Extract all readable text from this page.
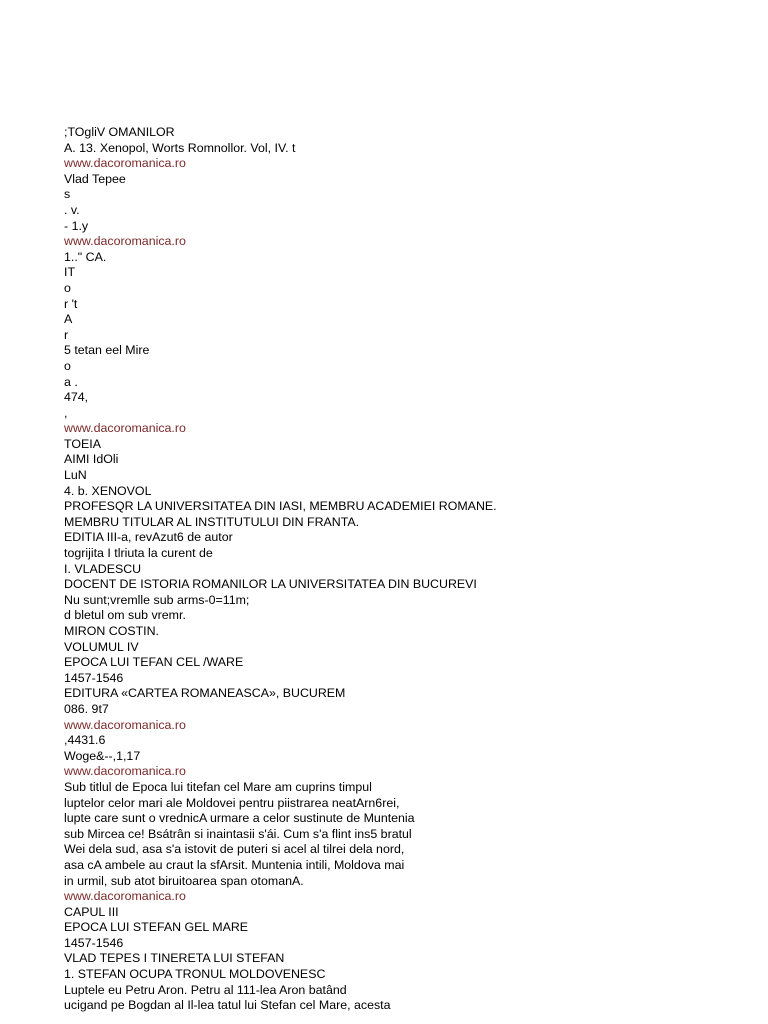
;TOgliV OMANILOR
A. 13. Xenopol, Worts Romnollor. Vol, IV. t
www.dacoromanica.ro
Vlad Tepee
s
. v.
- 1.y
www.dacoromanica.ro
1.." CA.
IT
o
r 't
A
r
5 tetan eel Mire
o
a .
474,
,
www.dacoromanica.ro
TOEIA
AIMI IdOli
LuN
4. b. XENOVOL
PROFESQR LA UNIVERSITATEA DIN IASI, MEMBRU ACADEMIEI ROMANE.
MEMBRU TITULAR AL INSTITUTULUI DIN FRANTA.
EDITIA III-a, revAzut6 de autor
togrijita I tlriuta la curent de
I. VLADESCU
DOCENT DE ISTORIA ROMANILOR LA UNIVERSITATEA DIN BUCUREVI
Nu sunt;vremlle sub arms-0=11m;
d bletul om sub vremr.
MIRON COSTIN.
VOLUMUL IV
EPOCA LUI TEFAN CEL /WARE
1457-1546
EDITURA «CARTEA ROMANEASCA», BUCUREM
086. 9t7
www.dacoromanica.ro
,4431.6
Woge&--,1,17
www.dacoromanica.ro
Sub titlul de Epoca lui titefan cel Mare am cuprins timpul
luptelor celor mari ale Moldovei pentru piistrarea neatArn6rei,
lupte care sunt o vrednicA urmare a celor sustinute de Muntenia
sub Mircea ce! Bsátrân si inaintasii s'ái. Cum s'a flint ins5 bratul
Wei dela sud, asa s'a istovit de puteri si acel al tilrei dela nord,
asa cA ambele au craut la sfArsit. Muntenia intili, Moldova mai
in urmil, sub atot biruitoarea span otomanA.
www.dacoromanica.ro
CAPUL III
EPOCA LUI STEFAN GEL MARE
1457-1546
VLAD TEPES I TINERETA LUI STEFAN
1. STEFAN OCUPA TRONUL MOLDOVENESC
Luptele eu Petru Aron. Petru al 111-lea Aron batând
ucigand pe Bogdan al Il-lea tatul lui Stefan cel Mare, acesta
